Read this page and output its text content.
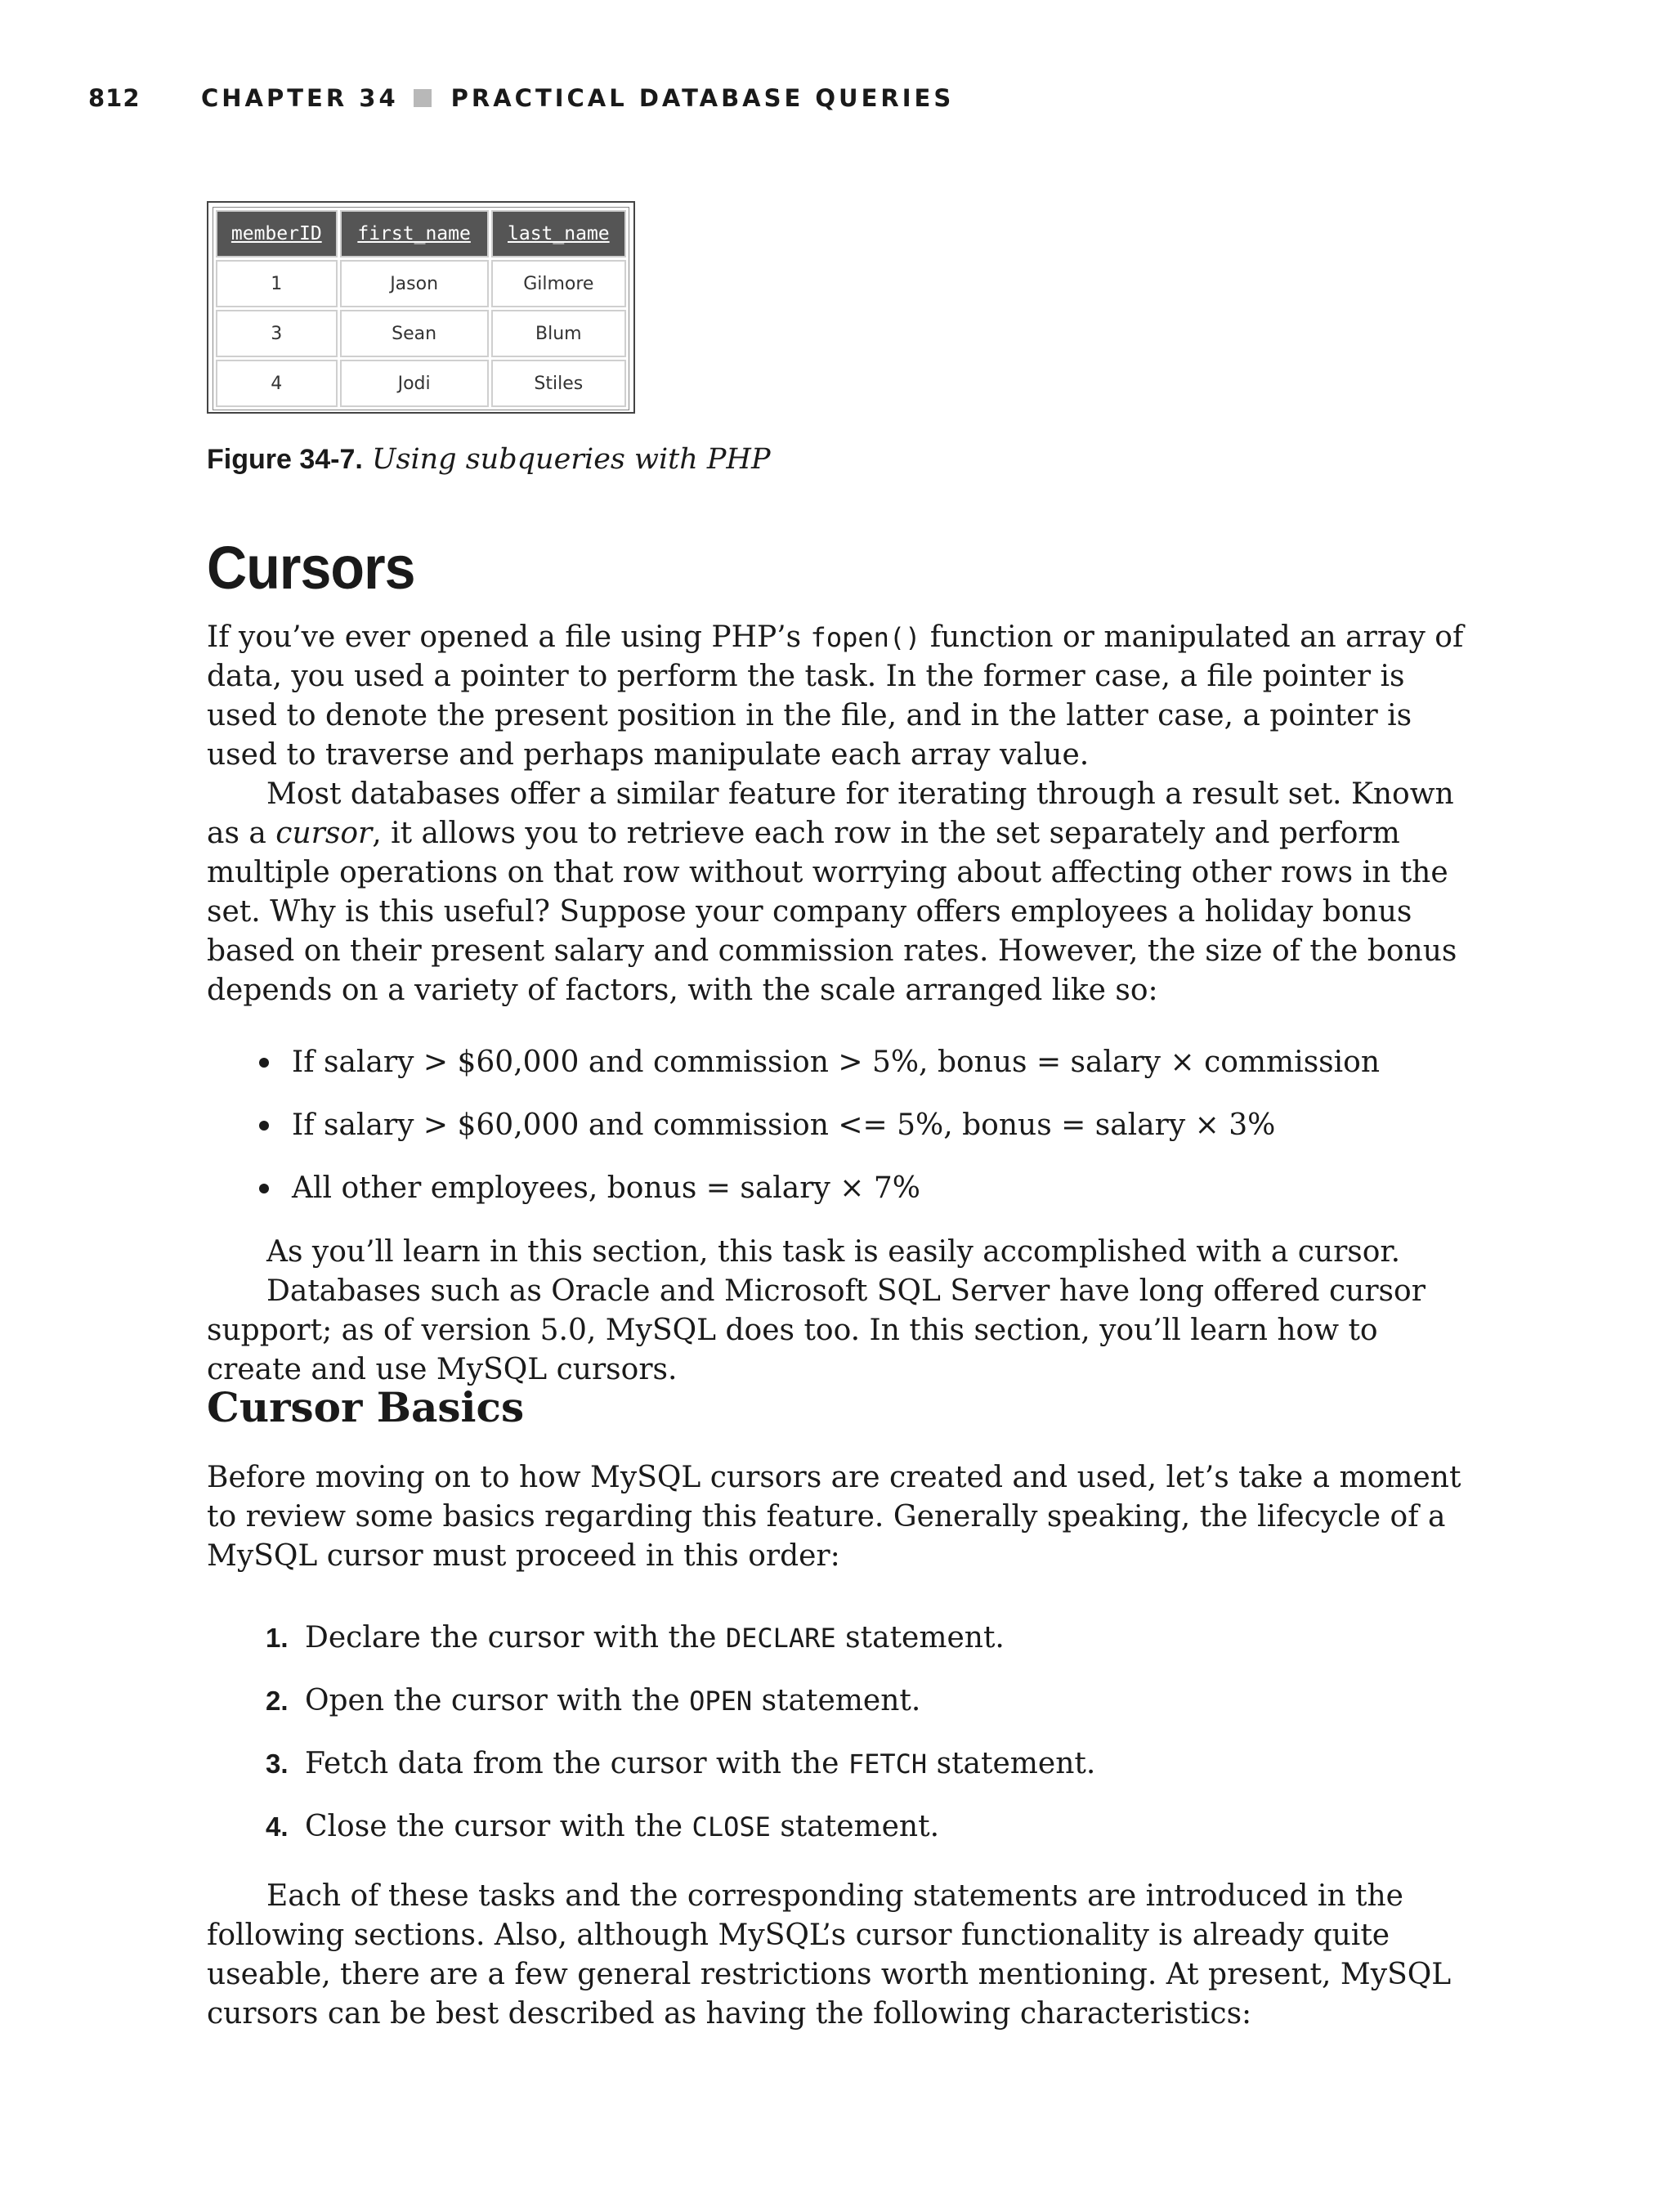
812	CHAPTER 34 PRACTICAL DATABASE QUERIES
memberID	first_name	last_name
1	Jason	Gilmore
3	Sean	Blum
4	Jodi	Stiles
Figure 34-7. Using subqueries with PHP
Cursors

If you’ve ever opened a file using PHP’s fopen() function or manipulated an array of data, you used a pointer to perform the task. In the former case, a file pointer is used to denote the present position in the file, and in the latter case, a pointer is used to traverse and perhaps manipulate each array value.

Most databases offer a similar feature for iterating through a result set. Known as a cursor, it allows you to retrieve each row in the set separately and perform multiple operations on that row without worrying about affecting other rows in the set. Why is this useful? Suppose your company offers employees a holiday bonus based on their present salary and commission rates. However, the size of the bonus depends on a variety of factors, with the scale arranged like so:

If salary > $60,000 and commission > 5%, bonus = salary × commission
If salary > $60,000 and commission <= 5%, bonus = salary × 3%
All other employees, bonus = salary × 7%

As you’ll learn in this section, this task is easily accomplished with a cursor.

Databases such as Oracle and Microsoft SQL Server have long offered cursor support; as of version 5.0, MySQL does too. In this section, you’ll learn how to create and use MySQL cursors.

Cursor Basics

Before moving on to how MySQL cursors are created and used, let’s take a moment to review some basics regarding this feature. Generally speaking, the lifecycle of a MySQL cursor must proceed in this order:

1. Declare the cursor with the DECLARE statement.
2. Open the cursor with the OPEN statement.
3. Fetch data from the cursor with the FETCH statement.
4. Close the cursor with the CLOSE statement.

Each of these tasks and the corresponding statements are introduced in the following sections. Also, although MySQL’s cursor functionality is already quite useable, there are a few general restrictions worth mentioning. At present, MySQL cursors can be best described as having the following characteristics:
